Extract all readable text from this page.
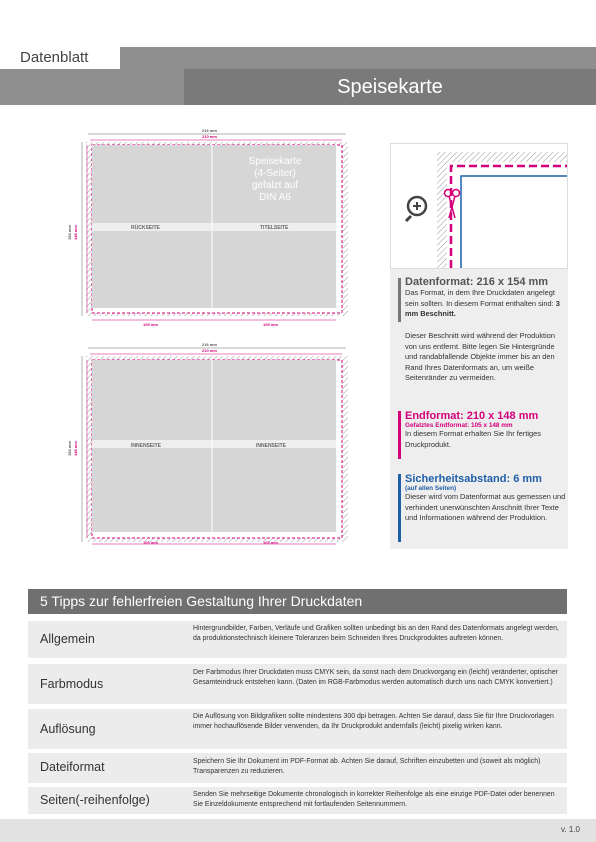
Datenblatt
Speisekarte
216 mm
210 mm
154 mm 148 mm
105 mm	105 mm
RÜCKSEITE	TITELSEITE
Speisekarte
(4-Seiter)
gefalzt auf
DIN A6
216 mm
210 mm
154 mm 148 mm
105 mm	105 mm
INNENSEITE	INNENSEITE
Datenformat: 216 x 154 mm

Das Format, in dem Ihre Druckdaten angelegt sein sollten. In diesem Format enthalten sind: 3 mm Beschnitt.

Dieser Beschnitt wird während der Produktion von uns entfernt. Bitte legen Sie Hintergründe und randabfallende Objekte immer bis an den Rand Ihres Datenformats an, um weiße Seitenränder zu vermeiden.

Endformat: 210 x 148 mm
Gefalztes Endformat: 105 x 148 mm

In diesem Format erhalten Sie Ihr fertiges Druckprodukt.

Sicherheitsabstand: 6 mm
(auf allen Seiten)

Dieser wird vom Datenformat aus gemessen und verhindert unerwünschten Anschnitt Ihrer Texte und Informationen während der Produktion.

5 Tipps zur fehlerfreien Gestaltung Ihrer Druckdaten
Allgemein
Hintergrundbilder, Farben, Verläufe und Grafiken sollten unbedingt bis an den Rand des Datenformats angelegt werden, da produktionstechnisch kleinere Toleranzen beim Schneiden Ihres Druckproduktes auftreten können.
Farbmodus
Der Farbmodus Ihrer Druckdaten muss CMYK sein, da sonst nach dem Druckvorgang ein (leicht) veränderter, optischer Gesamteindruck entstehen kann. (Daten im RGB-Farbmodus werden automatisch durch uns nach CMYK konvertiert.)
Auflösung
Die Auflösung von Bildgrafiken sollte mindestens 300 dpi betragen. Achten Sie darauf, dass Sie für Ihre Druckvorlagen immer hochauflösende Bilder verwenden, da Ihr Druckprodukt andernfalls (leicht) pixelig wirken kann.
Dateiformat	Speichern Sie Ihr Dokument im PDF-Format ab. Achten Sie darauf, Schriften einzubetten und (soweit als möglich) Transparenzen zu reduzieren.
Seiten(-reihenfolge)	Senden Sie mehrseitige Dokumente chronologisch in korrekter Reihenfolge als eine einzige PDF-Datei oder benennen Sie Einzeldokumente entsprechend mit fortlaufenden Seitennummern.
v. 1.0
